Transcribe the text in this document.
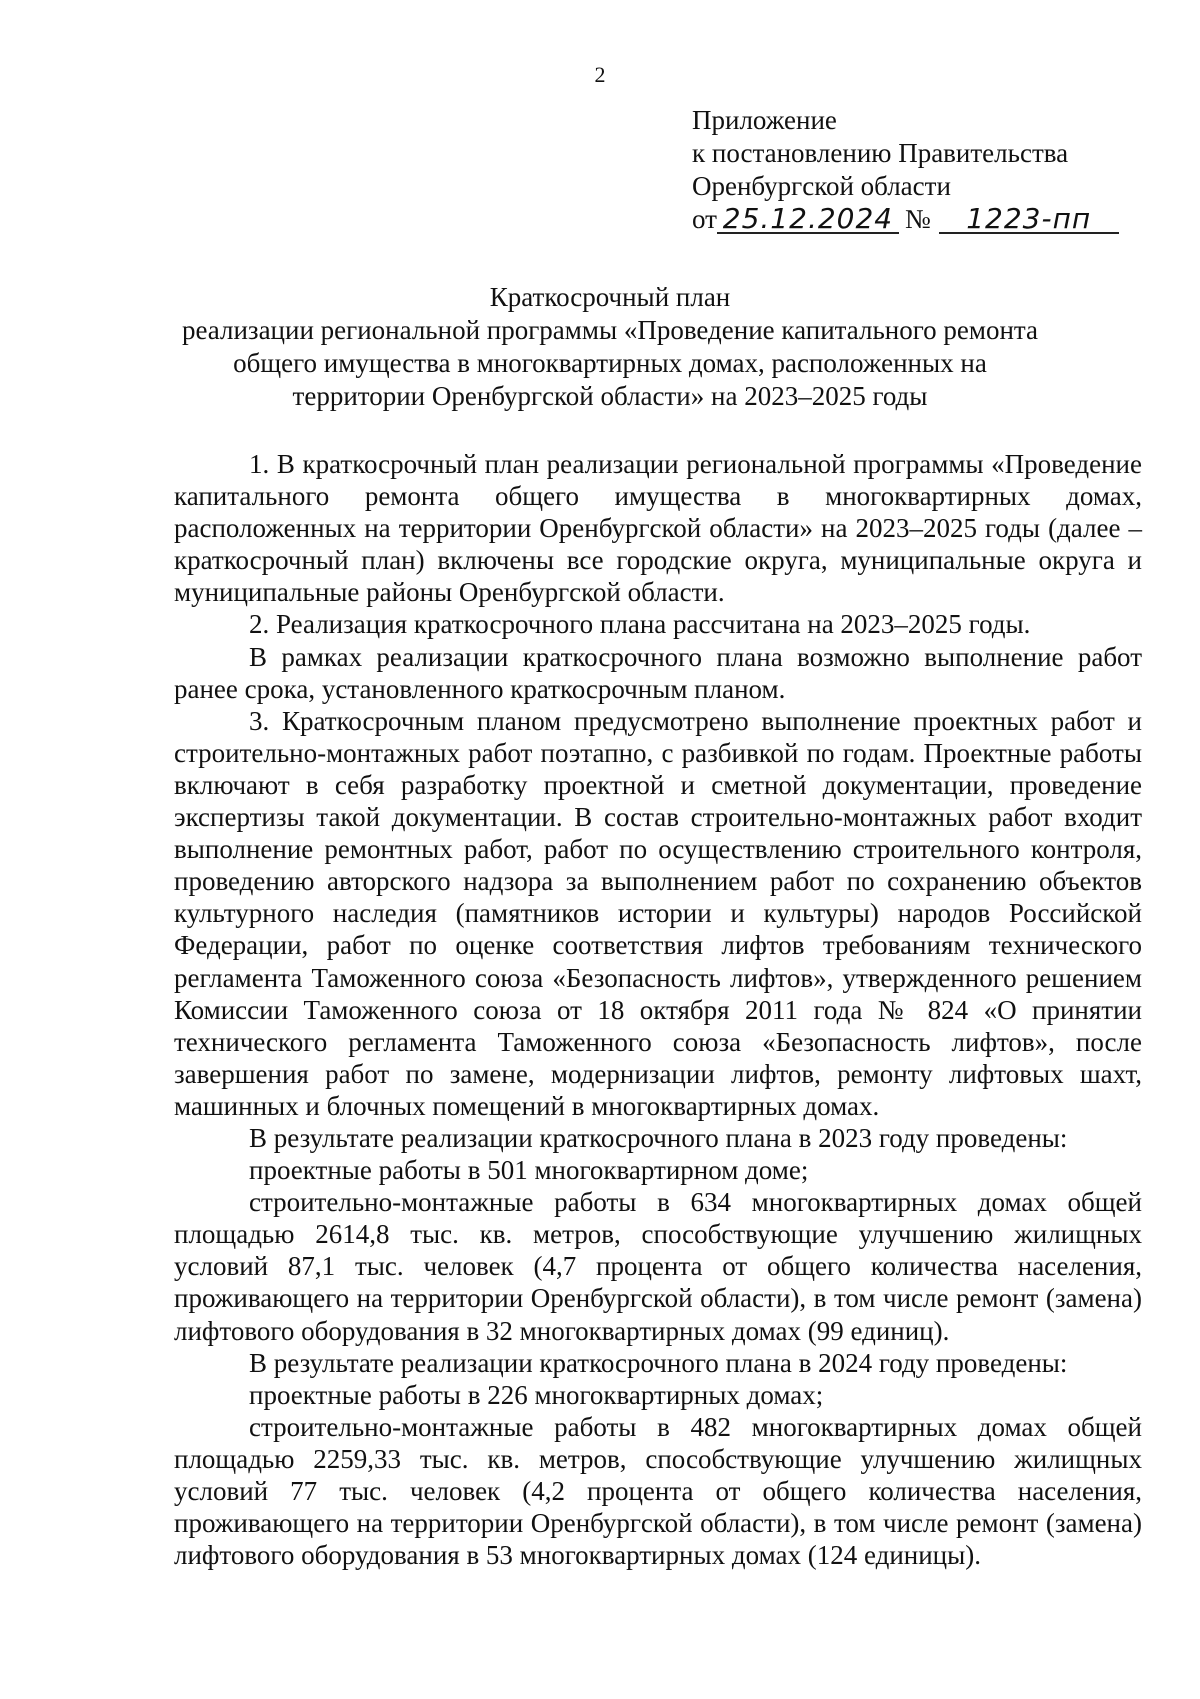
2
Приложение
к постановлению Правительства
Оренбургской области
от 25.12.2024 № 1223-пп
Краткосрочный план
реализации региональной программы «Проведение капитального ремонта
общего имущества в многоквартирных домах, расположенных на
территории Оренбургской области» на 2023–2025 годы

1. В краткосрочный план реализации региональной программы «Проведение капитального ремонта общего имущества в многоквартирных домах, расположенных на территории Оренбургской области» на 2023–2025 годы (далее – краткосрочный план) включены все городские округа, муниципальные округа и муниципальные районы Оренбургской области.

2. Реализация краткосрочного плана рассчитана на 2023–2025 годы.

В рамках реализации краткосрочного плана возможно выполнение работ ранее срока, установленного краткосрочным планом.

3. Краткосрочным планом предусмотрено выполнение проектных работ и строительно-монтажных работ поэтапно, с разбивкой по годам. Проектные работы включают в себя разработку проектной и сметной документации, проведение экспертизы такой документации. В состав строительно-монтажных работ входит выполнение ремонтных работ, работ по осуществлению строительного контроля, проведению авторского надзора за выполнением работ по сохранению объектов культурного наследия (памятников истории и культуры) народов Российской Федерации, работ по оценке соответствия лифтов требованиям технического регламента Таможенного союза «Безопасность лифтов», утвержденного решением Комиссии Таможенного союза от 18 октября 2011 года № 824 «О принятии технического регламента Таможенного союза «Безопасность лифтов», после завершения работ по замене, модернизации лифтов, ремонту лифтовых шахт, машинных и блочных помещений в многоквартирных домах.

В результате реализации краткосрочного плана в 2023 году проведены:

проектные работы в 501 многоквартирном доме;

строительно-монтажные работы в 634 многоквартирных домах общей площадью 2614,8 тыс. кв. метров, способствующие улучшению жилищных условий 87,1 тыс. человек (4,7 процента от общего количества населения, проживающего на территории Оренбургской области), в том числе ремонт (замена) лифтового оборудования в 32 многоквартирных домах (99 единиц).

В результате реализации краткосрочного плана в 2024 году проведены:

проектные работы в 226 многоквартирных домах;

строительно-монтажные работы в 482 многоквартирных домах общей площадью 2259,33 тыс. кв. метров, способствующие улучшению жилищных условий 77 тыс. человек (4,2 процента от общего количества населения, проживающего на территории Оренбургской области), в том числе ремонт (замена) лифтового оборудования в 53 многоквартирных домах (124 единицы).
